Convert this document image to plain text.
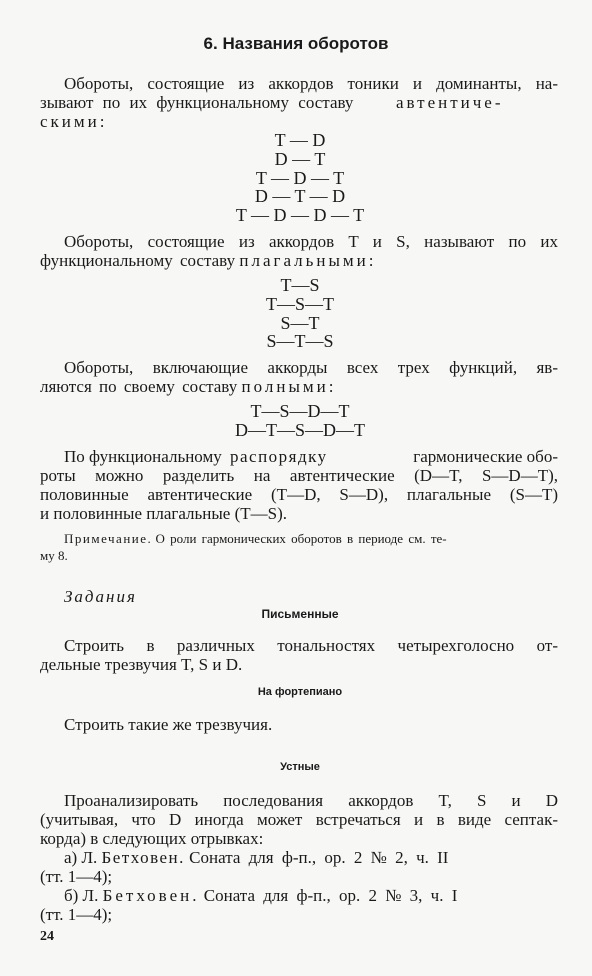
6. Названия оборотов
Обороты, состоящие из аккордов тоники и доминанты, на-
зывают по их функциональному составу	автентиче-
скими:
T — D
D — T
T — D — T
D — T — D
T — D — D — T
Обороты, состоящие из аккордов T и S, называют по их
функциональному составу плагальными:
T—S
T—S—T
S—T
S—T—S
Обороты, включающие аккорды всех трех функций, яв-
ляются по своему составу полными:
T—S—D—T
D—T—S—D—T
По функциональному распорядку	гармонические обо-
роты можно разделить на автентические (D—T, S—D—T),
половинные автентические (T—D, S—D), плагальные (S—T)
и половинные плагальные (T—S).
Примечание. О роли гармонических оборотов в периоде см. те-
му 8.
Задания
Письменные
Строить в различных тональностях четырехголосно от-
дельные трезвучия T, S и D.
На фортепиано
Строить такие же трезвучия.
Устные
Проанализировать последования аккордов T, S и D
(учитывая, что D иногда может встречаться и в виде септак-
корда) в следующих отрывках:
а) Л. Бетховен. Соната для ф-п., ор. 2 № 2, ч. II
(тт. 1—4);
б) Л. Бетховен. Соната для ф-п., ор. 2 № 3, ч. I
(тт. 1—4);
24
